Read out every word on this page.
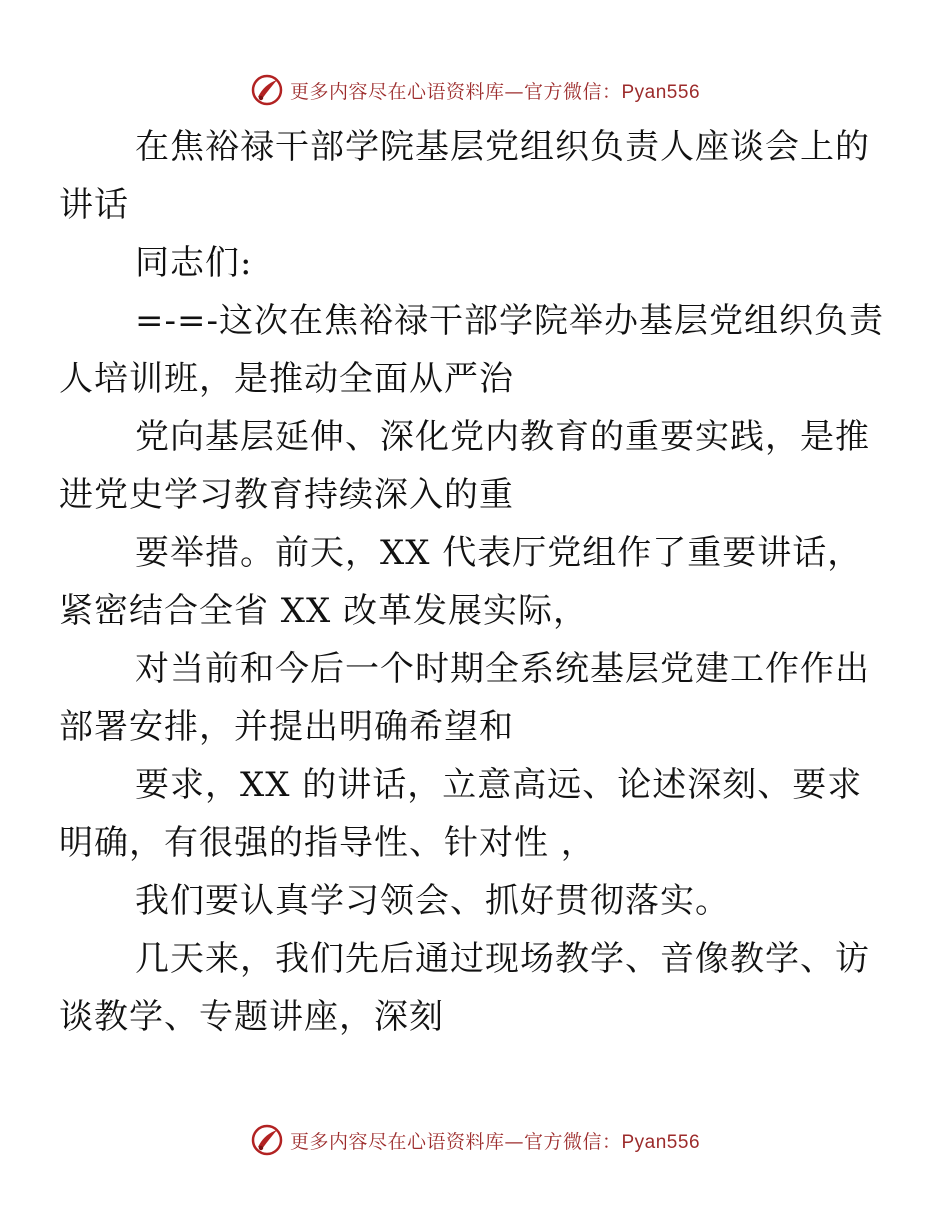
更多内容尽在心语资料库—官方微信：Pyan556

在焦裕禄干部学院基层党组织负责人座谈会上的
讲话

同志们:

=-=-这次在焦裕禄干部学院举办基层党组织负责
人培训班，是推动全面从严治

党向基层延伸、深化党内教育的重要实践，是推
进党史学习教育持续深入的重

要举措。前天，XX 代表厅党组作了重要讲话，
紧密结合全省 XX 改革发展实际，

对当前和今后一个时期全系统基层党建工作作出
部署安排，并提出明确希望和

要求，XX 的讲话，立意高远、论述深刻、要求
明确，有很强的指导性、针对性 ，

我们要认真学习领会、抓好贯彻落实。

几天来，我们先后通过现场教学、音像教学、访
谈教学、专题讲座，深刻

更多内容尽在心语资料库—官方微信：Pyan556
